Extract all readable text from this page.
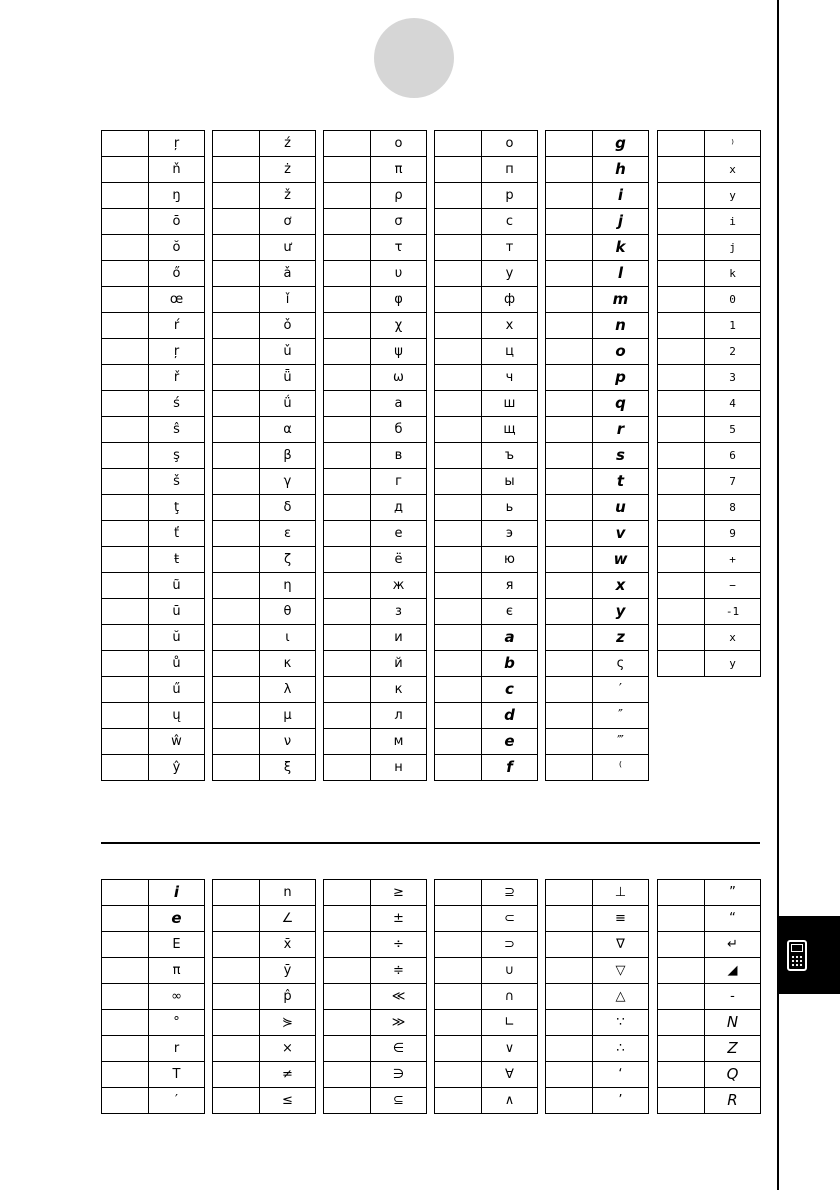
	ŗ
	ň
	ŋ
	ō
	ŏ
	ő
	œ
	ŕ
	ŗ
	ř
	ś
	ŝ
	ş
	š
	ţ
	ť
	ŧ
	ũ
	ū
	ŭ
	ů
	ű
	ų
	ŵ
	ŷ
	ź
	ż
	ž
	ơ
	ư
	ǎ
	ǐ
	ǒ
	ǔ
	ǖ
	ǘ
	α
	β
	γ
	δ
	ε
	ζ
	η
	θ
	ι
	κ
	λ
	μ
	ν
	ξ
	ο
	π
	ρ
	σ
	τ
	υ
	φ
	χ
	ψ
	ω
	а
	б
	в
	г
	д
	е
	ё
	ж
	з
	и
	й
	к
	л
	м
	н
	о
	п
	р
	с
	т
	у
	ф
	х
	ц
	ч
	ш
	щ
	ъ
	ы
	ь
	э
	ю
	я
	є
	a
	b
	c
	d
	e
	f
	g
	h
	i
	j
	k
	l
	m
	n
	o
	p
	q
	r
	s
	t
	u
	v
	w
	x
	y
	z
	ς
	′
	″
	‴
	⁽
	⁾
	x
	y
	i
	j
	k
	0
	1
	2
	3
	4
	5
	6
	7
	8
	9
	+
	−
	-1
	x
	y
	i
	e
	E
	π
	∞
	°
	r
	T
	′
	n
	∠
	x̄
	ȳ
	p̂
	⋟
	×
	≠
	≤
	≥
	±
	÷
	≑
	≪
	≫
	∈
	∋
	⊆
	⊇
	⊂
	⊃
	∪
	∩
	∟
	∨
	∀
	∧
	⊥
	≡
	∇
	▽
	△
	∵
	∴
	‘
	’
	”
	“
	↵
	◢
	-
	N
	Z
	Q
	R
